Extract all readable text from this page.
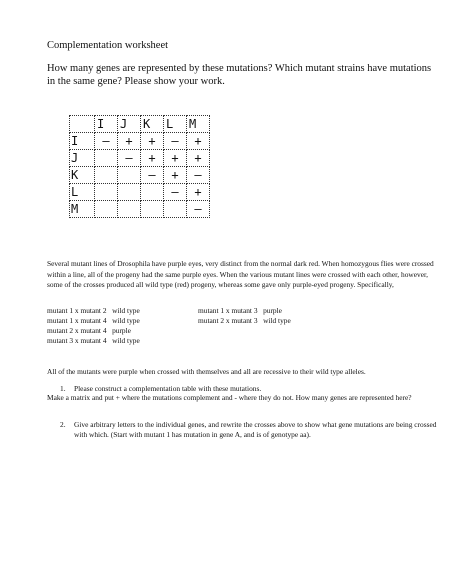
Complementation worksheet
How many genes are represented by these mutations? Which mutant strains have mutations in the same gene? Please show your work.
	I	J	K	L	M
I	–	+	+	–	+
J		–	+	+	+
K			–	+	–
L				–	+
M					–
Several mutant lines of Drosophila have purple eyes, very distinct from the normal dark red. When homozygous flies were crossed within a line, all of the progeny had the same purple eyes. When the various mutant lines were crossed with each other, however, some of the crosses produced all wild type (red) progeny, whereas some gave only purple-eyed progeny. Specifically,
mutant 1 x mutant 2   wild type
mutant 1 x mutant 4   wild type
mutant 2 x mutant 4   purple
mutant 3 x mutant 4   wild type
mutant 1 x mutant 3   purple
mutant 2 x mutant 3   wild type
All of the mutants were purple when crossed with themselves and all are recessive to their wild type alleles.
1. Please construct a complementation table with these mutations.
Make a matrix and put + where the mutations complement and - where they do not. How many genes are represented here?
2.	Give arbitrary letters to the individual genes, and rewrite the crosses above to show what gene mutations are being crossed with which. (Start with mutant 1 has mutation in gene A, and is of genotype aa).
